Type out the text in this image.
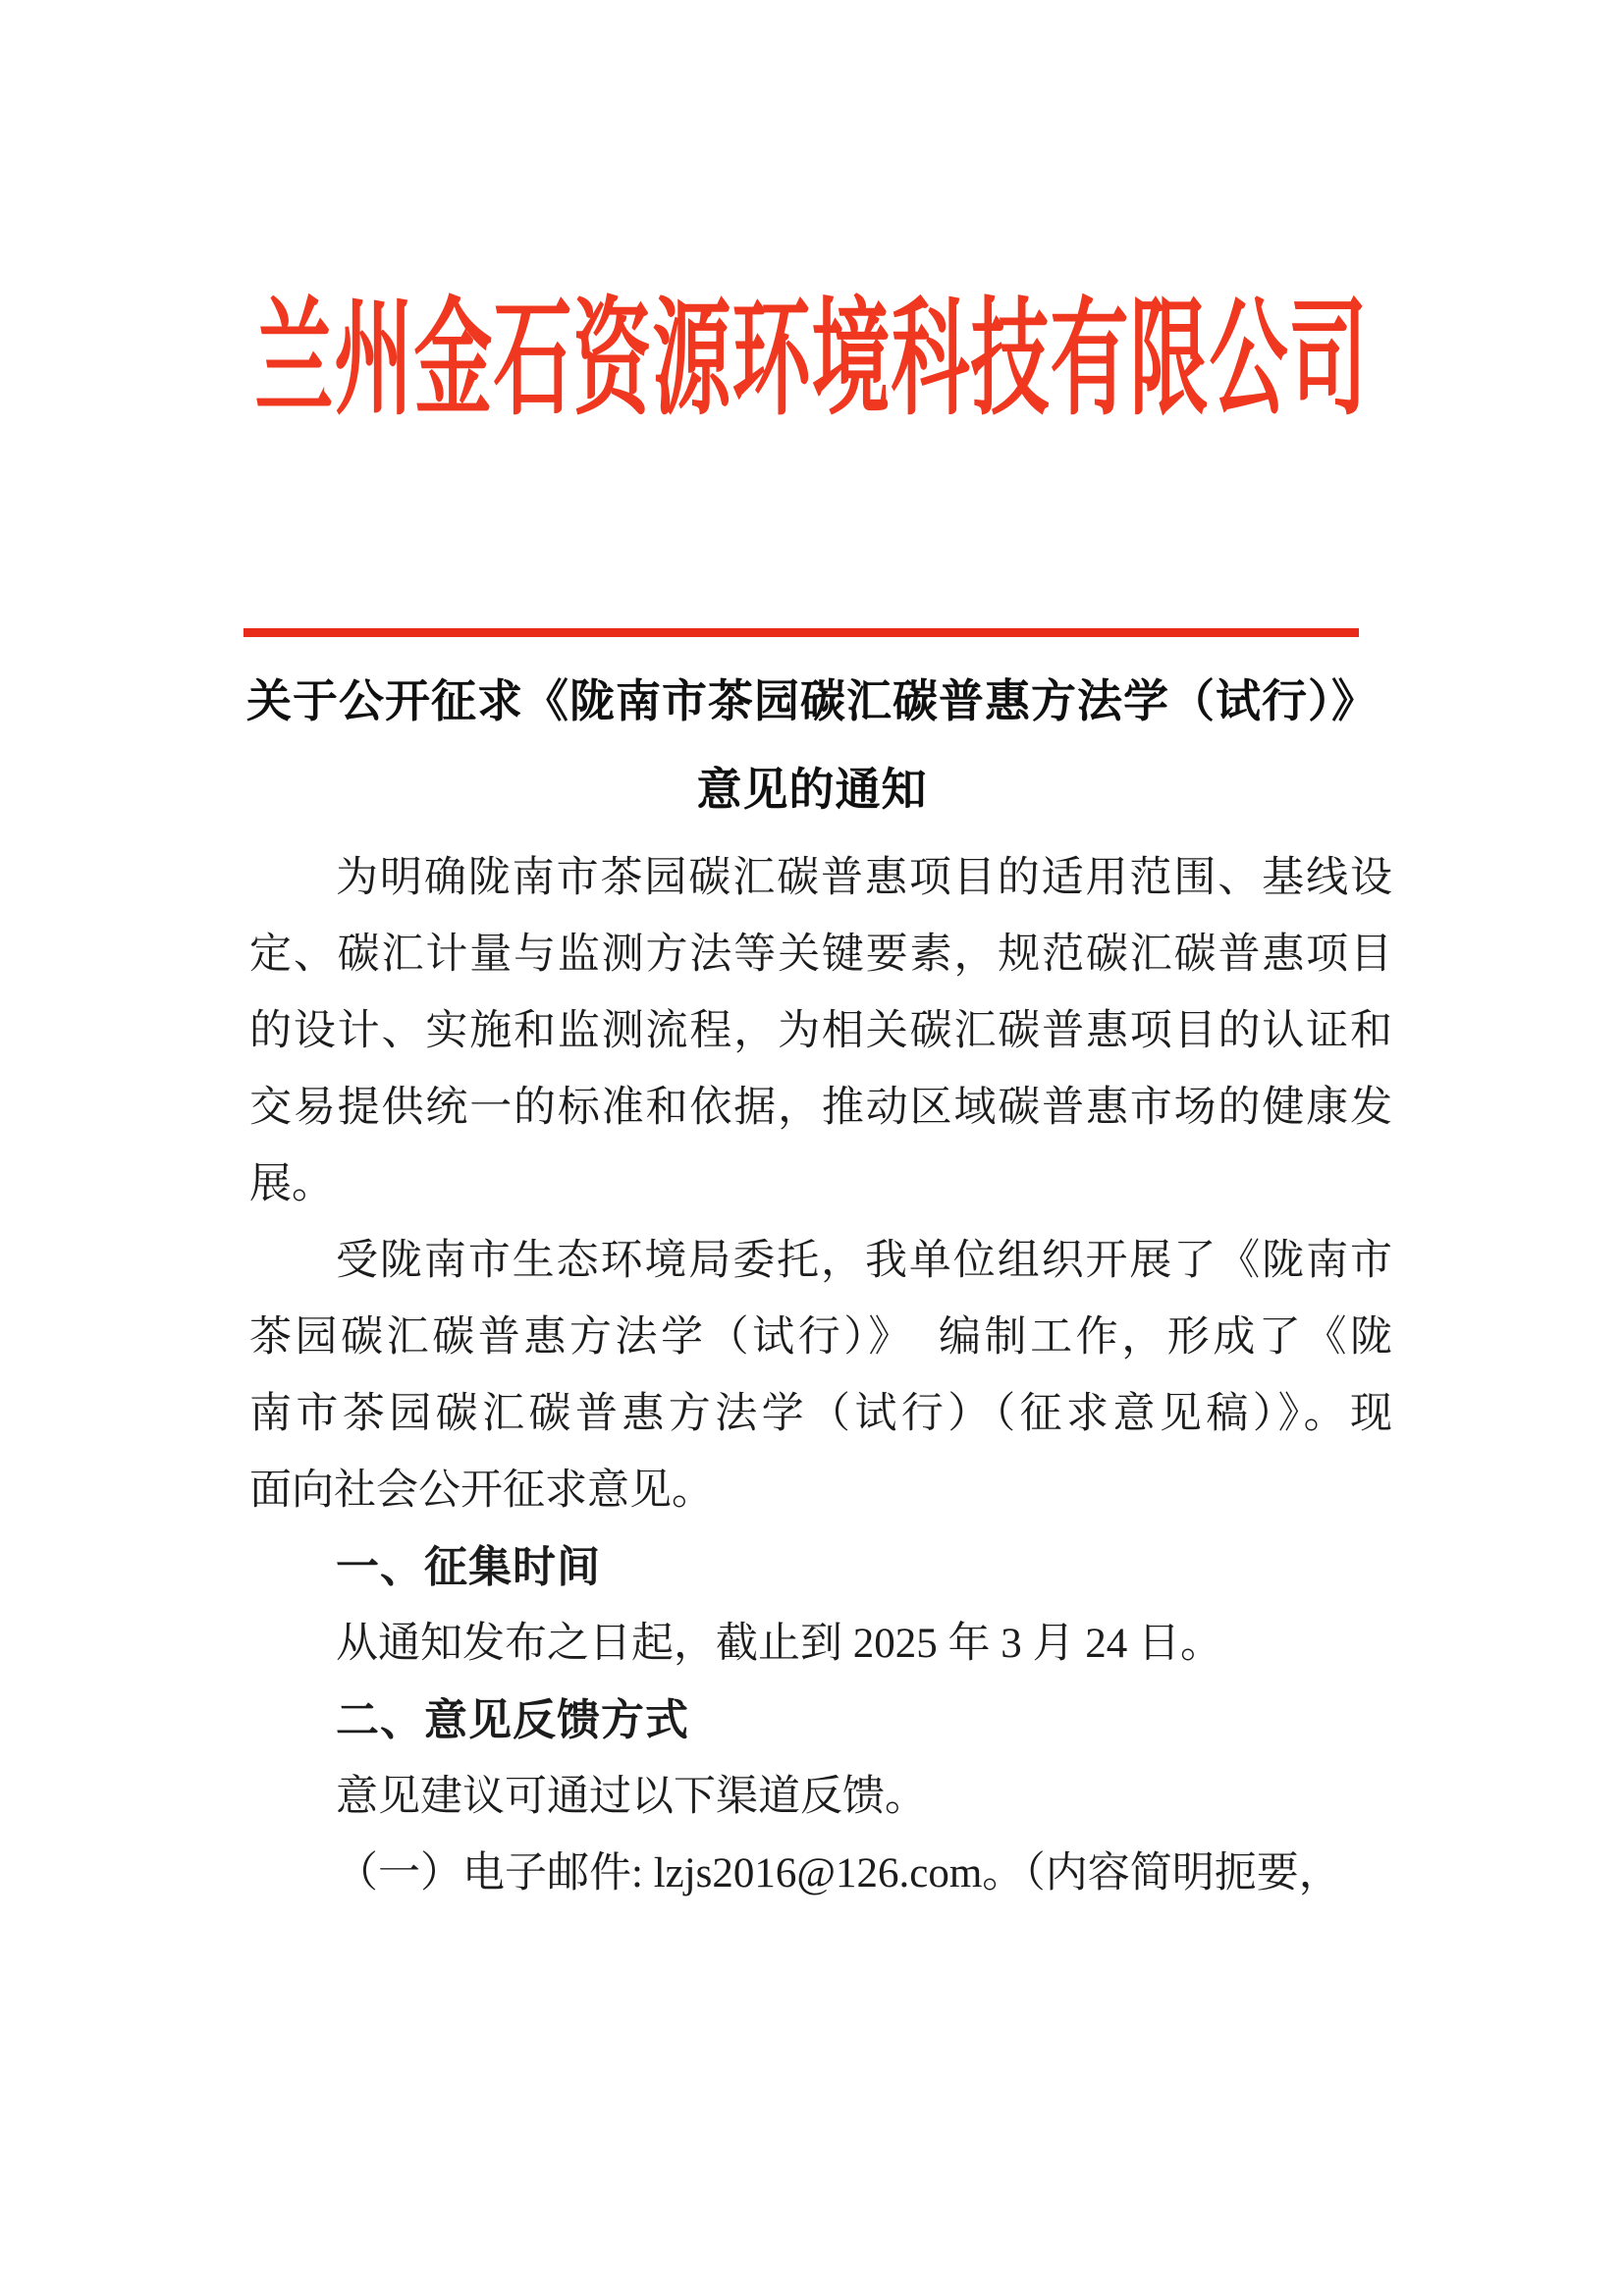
兰州金石资源环境科技有限公司
关于公开征求《陇南市茶园碳汇碳普惠方法学（试行）》
意见的通知
为明确陇南市茶园碳汇碳普惠项目的适用范围、基线设
定、碳汇计量与监测方法等关键要素，规范碳汇碳普惠项目
的设计、实施和监测流程，为相关碳汇碳普惠项目的认证和
交易提供统一的标准和依据，推动区域碳普惠市场的健康发
展。
受陇南市生态环境局委托，我单位组织开展了《陇南市
茶园碳汇碳普惠方法学（试行）》　编制工作，形成了《陇
南市茶园碳汇碳普惠方法学（试行）（征求意见稿）》。现
面向社会公开征求意见。
一、征集时间
从通知发布之日起，截止到 2025 年 3 月 24 日。
二、意见反馈方式
意见建议可通过以下渠道反馈。
（一）电子邮件: lzjs2016@126.com。（内容简明扼要，
